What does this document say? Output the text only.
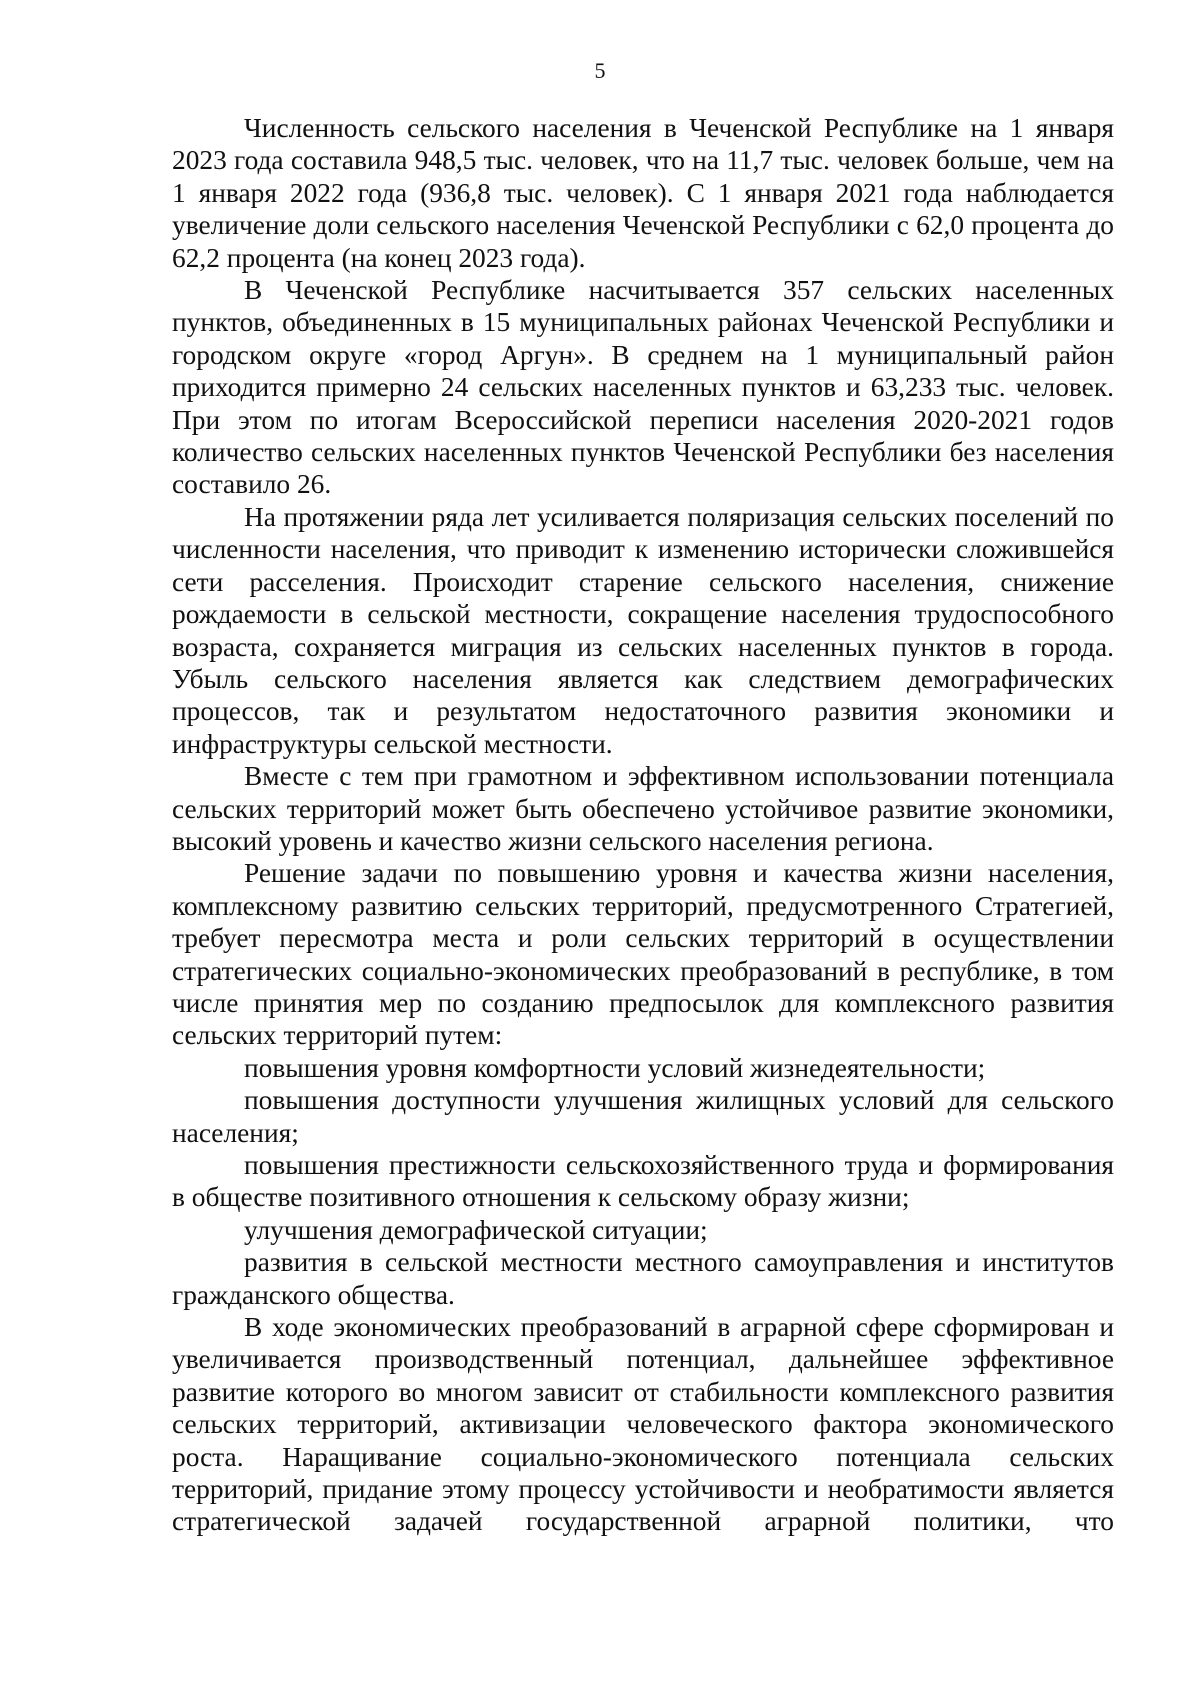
5

Численность сельского населения в Чеченской Республике на 1 января 2023 года составила 948,5 тыс. человек, что на 11,7 тыс. человек больше, чем на 1 января 2022 года (936,8 тыс. человек). С 1 января 2021 года наблюдается увеличение доли сельского населения Чеченской Республики с 62,0 процента до 62,2 процента (на конец 2023 года).

В Чеченской Республике насчитывается 357 сельских населенных пунктов, объединенных в 15 муниципальных районах Чеченской Республики и городском округе «город Аргун». В среднем на 1 муниципальный район приходится примерно 24 сельских населенных пунктов и 63,233 тыс. человек. При этом по итогам Всероссийской переписи населения 2020-2021 годов количество сельских населенных пунктов Чеченской Республики без населения составило 26.

На протяжении ряда лет усиливается поляризация сельских поселений по численности населения, что приводит к изменению исторически сложившейся сети расселения. Происходит старение сельского населения, снижение рождаемости в сельской местности, сокращение населения трудоспособного возраста, сохраняется миграция из сельских населенных пунктов в города. Убыль сельского населения является как следствием демографических процессов, так и результатом недостаточного развития экономики и инфраструктуры сельской местности.

Вместе с тем при грамотном и эффективном использовании потенциала сельских территорий может быть обеспечено устойчивое развитие экономики, высокий уровень и качество жизни сельского населения региона.

Решение задачи по повышению уровня и качества жизни населения, комплексному развитию сельских территорий, предусмотренного Стратегией, требует пересмотра места и роли сельских территорий в осуществлении стратегических социально-экономических преобразований в республике, в том числе принятия мер по созданию предпосылок для комплексного развития сельских территорий путем:

повышения уровня комфортности условий жизнедеятельности;

повышения доступности улучшения жилищных условий для сельского населения;

повышения престижности сельскохозяйственного труда и формирования в обществе позитивного отношения к сельскому образу жизни;

улучшения демографической ситуации;

развития в сельской местности местного самоуправления и институтов гражданского общества.

В ходе экономических преобразований в аграрной сфере сформирован и увеличивается производственный потенциал, дальнейшее эффективное развитие которого во многом зависит от стабильности комплексного развития сельских территорий, активизации человеческого фактора экономического роста. Наращивание социально-экономического потенциала сельских территорий, придание этому процессу устойчивости и необратимости является стратегической задачей государственной аграрной политики, что
